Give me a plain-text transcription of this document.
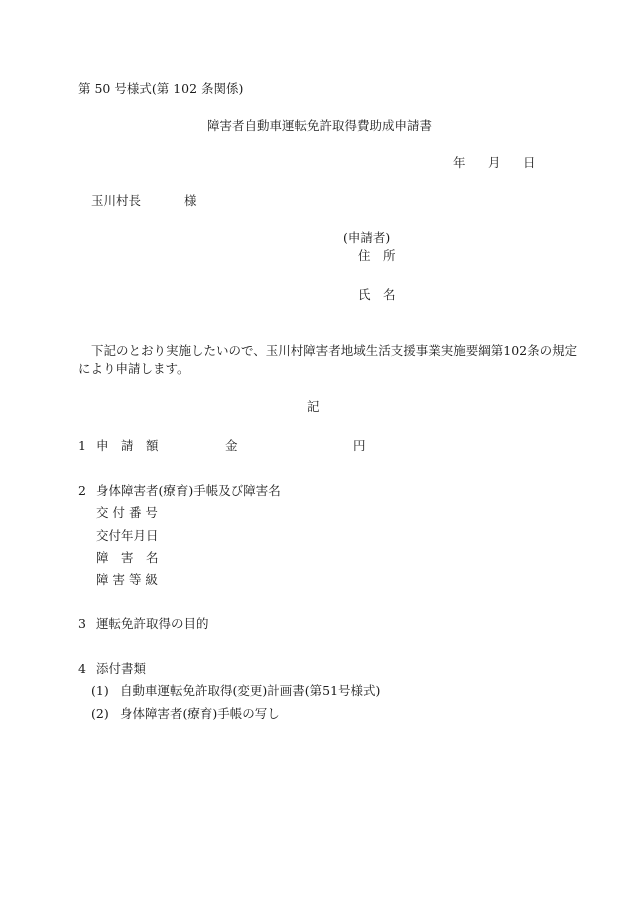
第 50 号様式(第 102 条関係)
障害者自動車運転免許取得費助成申請書
年 月 日
玉川村長	様
(申請者)
住　所
氏　名
下記のとおり実施したいので、玉川村障害者地域生活支援事業実施要綱第102条の規定
により申請します。
記
1 申　請　額	金	円
2 身体障害者(療育)手帳及び障害名
交 付 番 号
交付年月日
障　害　名
障 害 等 級
3 運転免許取得の目的
4 添付書類
(1) 自動車運転免許取得(変更)計画書(第51号様式)
(2) 身体障害者(療育)手帳の写し
